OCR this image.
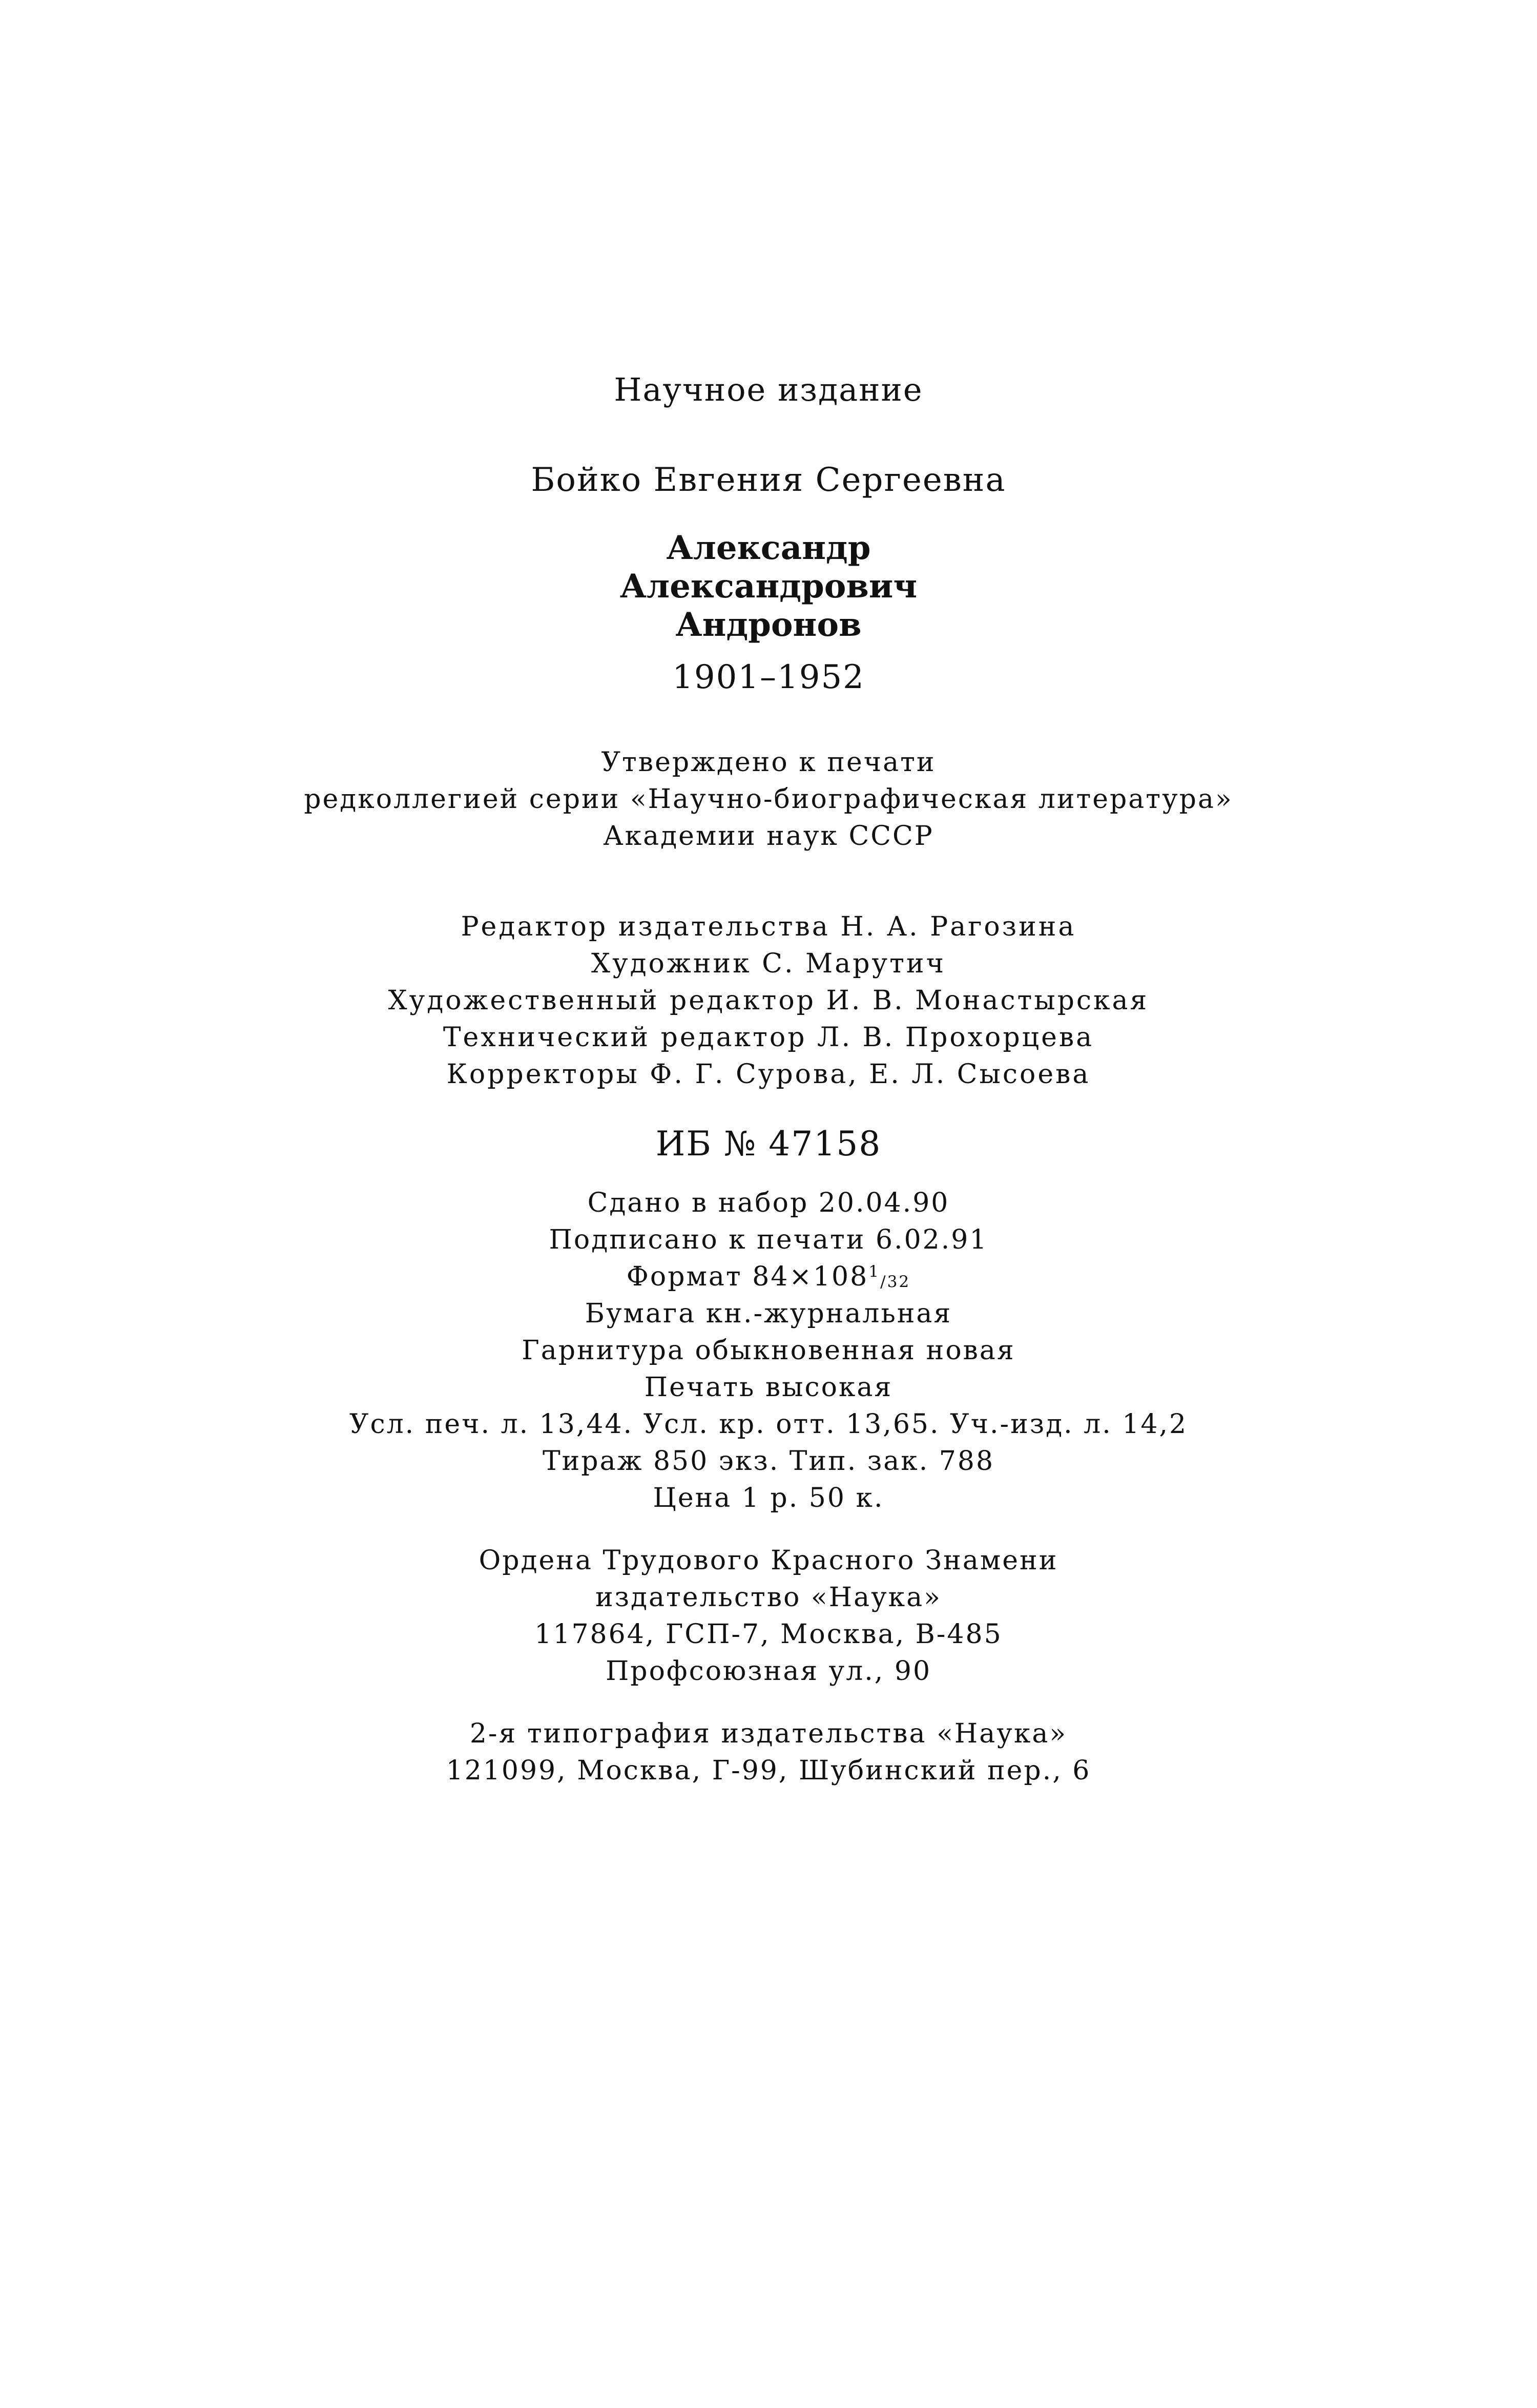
Научное издание
Бойко Евгения Сергеевна
Александр
Александрович
Андронов
1901–1952
Утверждено к печати
редколлегией серии «Научно-биографическая литература»
Академии наук СССР
Редактор издательства Н. А. Рагозина
Художник С. Марутич
Художественный редактор И. В. Монастырская
Технический редактор Л. В. Прохорцева
Корректоры Ф. Г. Сурова, Е. Л. Сысоева
ИБ № 47158
Сдано в набор 20.04.90
Подписано к печати 6.02.91
Формат $84\times 108^1/32$
Бумага кн.-журнальная
Гарнитура обыкновенная новая
Печать высокая
Усл. печ. л. 13,44. Усл. кр. отт. 13,65. Уч.-изд. л. 14,2
Тираж 850 экз. Тип. зак. 788
Цена 1 р. 50 к.
Ордена Трудового Красного Знамени
издательство «Наука»
117864, ГСП-7, Москва, В-485
Профсоюзная ул., 90
2-я типография издательства «Наука»
121099, Москва, Г-99, Шубинский пер., 6
